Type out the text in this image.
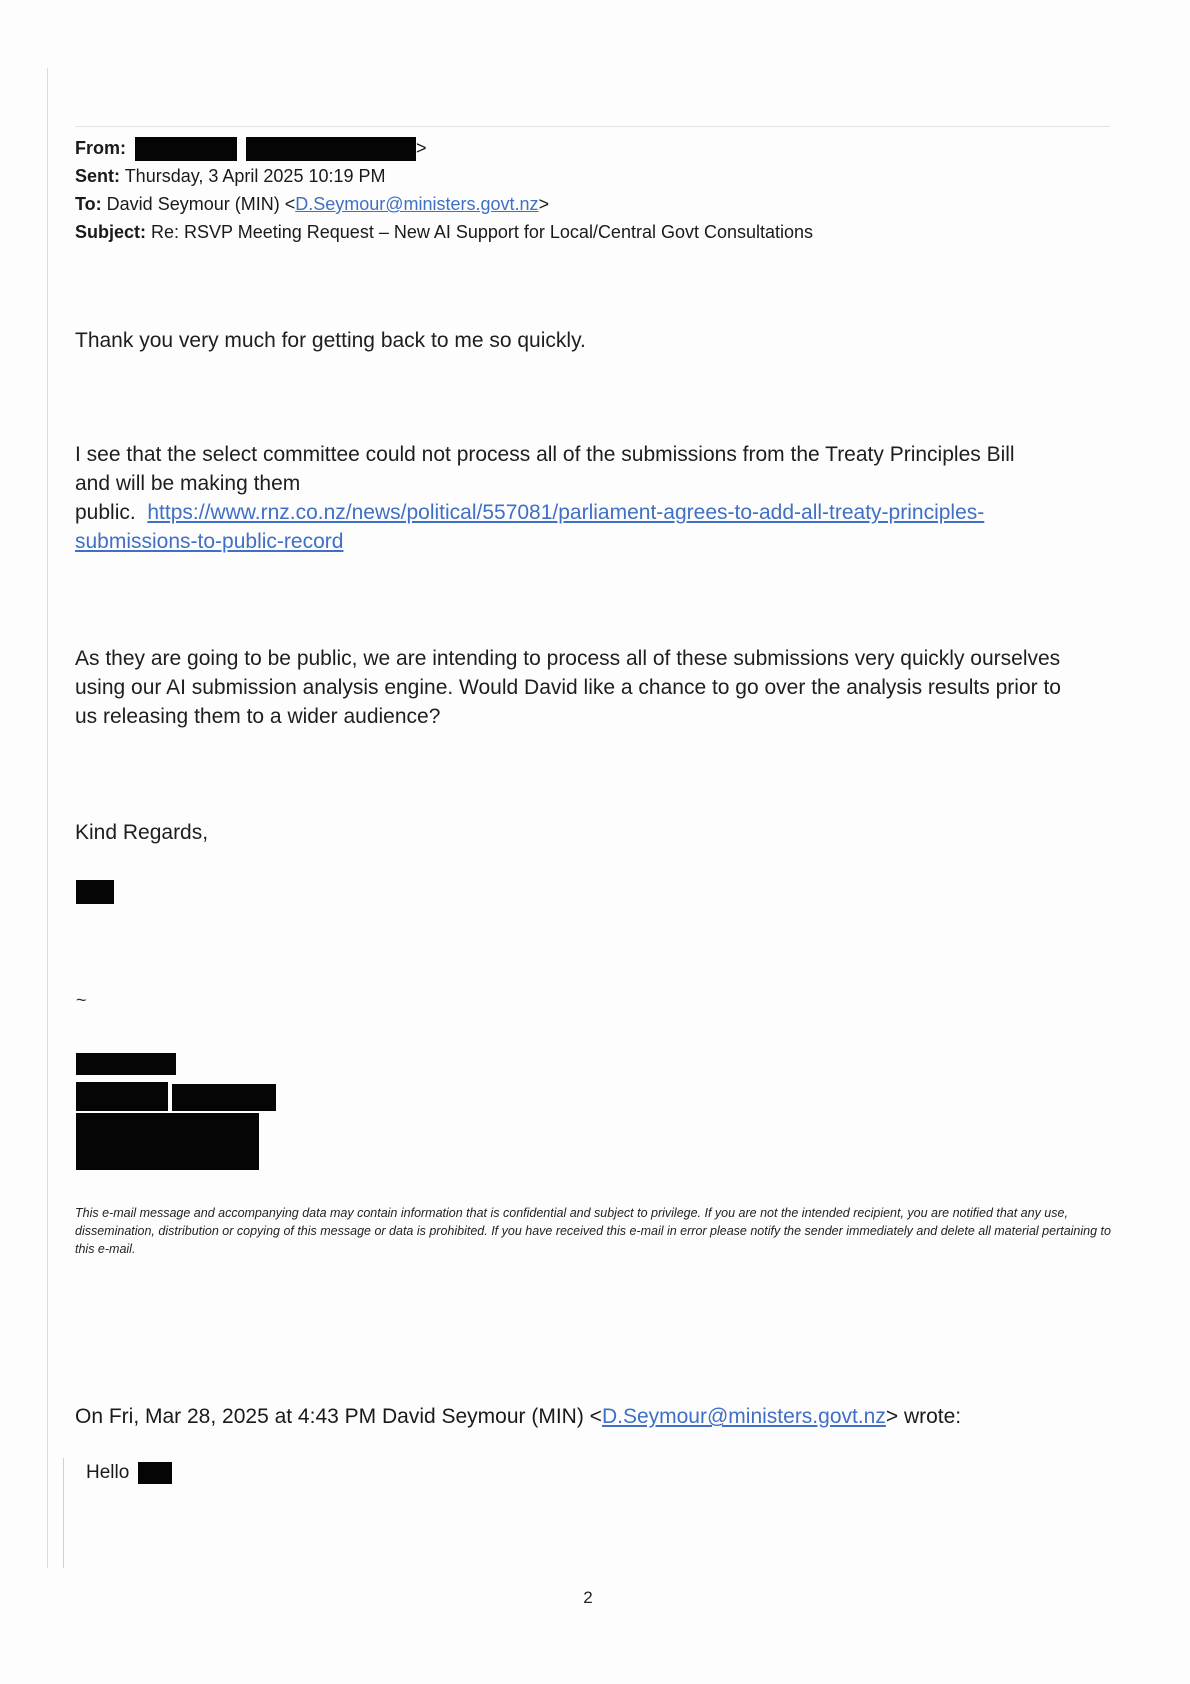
From:	>
Sent: Thursday, 3 April 2025 10:19 PM
To: David Seymour (MIN) <D.Seymour@ministers.govt.nz>
Subject: Re: RSVP Meeting Request – New AI Support for Local/Central Govt Consultations
Thank you very much for getting back to me so quickly.
I see that the select committee could not process all of the submissions from the Treaty Principles Bill and will be making them
public. https://www.rnz.co.nz/news/political/557081/parliament-agrees-to-add-all-treaty-principles-submissions-to-public-record
As they are going to be public, we are intending to process all of these submissions very quickly ourselves using our AI submission analysis engine. Would David like a chance to go over the analysis results prior to us releasing them to a wider audience?
Kind Regards,
~
This e-mail message and accompanying data may contain information that is confidential and subject to privilege. If you are not the intended recipient, you are notified that any use, dissemination, distribution or copying of this message or data is prohibited. If you have received this e-mail in error please notify the sender immediately and delete all material pertaining to this e-mail.
On Fri, Mar 28, 2025 at 4:43 PM David Seymour (MIN) <D.Seymour@ministers.govt.nz> wrote:
Hello
2
